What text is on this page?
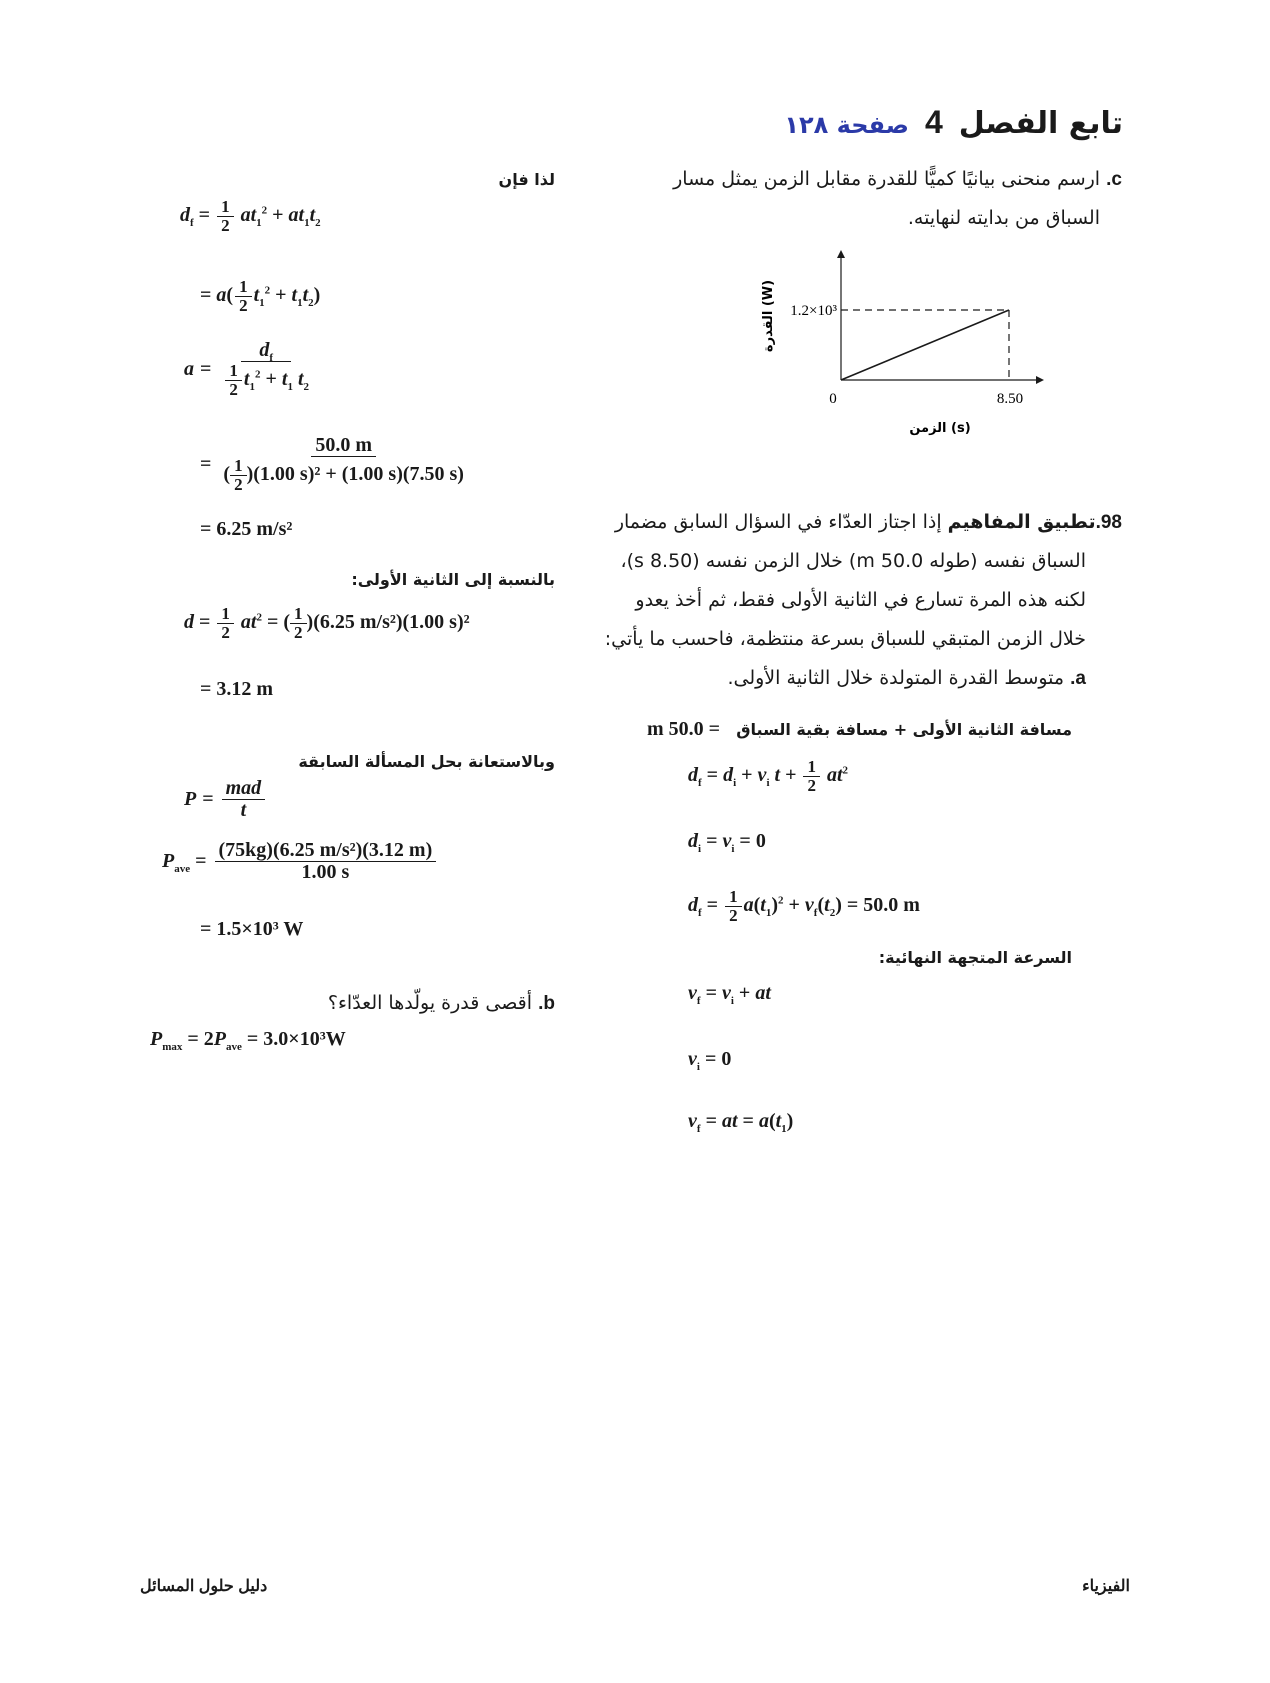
تابع الفصل
4
صفحة ١٢٨
c. ارسم منحنى بيانيًا كميًّا للقدرة مقابل الزمن يمثل مسار
السباق من بدايته لنهايته.
1.2×10³
0	8.50
القدرة (W)
الزمن (s)
98.تطبيق المفاهيم إذا اجتاز العدّاء في السؤال السابق مضمار
السباق نفسه (طوله 50.0 m) خلال الزمن نفسه (8.50 s)،
لكنه هذه المرة تسارع في الثانية الأولى فقط، ثم أخذ يعدو
خلال الزمن المتبقي للسباق بسرعة منتظمة، فاحسب ما يأتي:
a. متوسط القدرة المتولدة خلال الثانية الأولى.
= 50.0 m مسافة الثانية الأولى + مسافة بقية السباق
$d_f = d_i + v_i$ $t + \frac{1}{2} at^2$
$d_i = v_i = 0$
$d_f = \frac{1}{2} a(t_1)^2 + v_f(t_2) = 50.0$ m
السرعة المتجهة النهائية:
$v_f = v_i$ + at
$v_i = 0$
$v_f$ = at = $a(t_1)$
لذا فإن
$d_f = \frac{1}{2} at_1^2 + at_1t_2$
= $a( \frac{1}{2} t_1^2 + t_1t_2)$
$a = \frac{d_f}{\frac{1}{2} t_1^2 + t_1 t_2}$
= $\frac{50.0 m}{( \frac{1}{2} )(1.00 s)^2 + (1.00 s)(7.50 s)}$
= 6.25 m/s²
بالنسبة إلى الثانية الأولى:
$d = \frac{1}{2} at^2$ = ( $\frac{1}{2} )(6.25$ m/s²)(1.00 s)²
= 3.12 m
وبالاستعانة بحل المسألة السابقة
$P = \frac{\text{mad}}{t}$
$P_{ave} = \frac{\text{(75kg)(6.25 m/s²)(3.12 m)}}{1.00 s}$
= 1.5×10³ W
b. أقصى قدرة يولّدها العدّاء؟
$P_{max} = 2P_{ave} = 3.0\times 10^3W$
دليل حلول المسائل	الفيزياء
